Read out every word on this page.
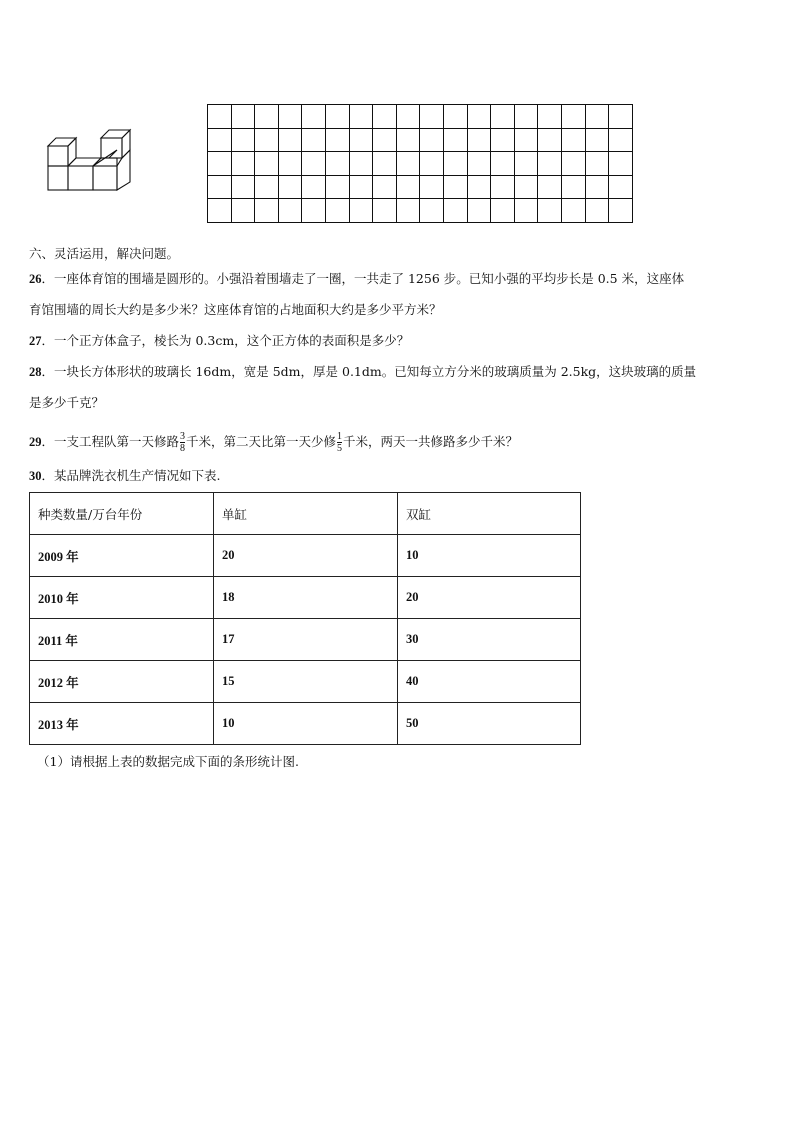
六、灵活运用，解决问题。
26．一座体育馆的围墙是圆形的。小强沿着围墙走了一圈，一共走了 1256 步。已知小强的平均步长是 0.5 米，这座体
育馆围墙的周长大约是多少米？这座体育馆的占地面积大约是多少平方米？
27．一个正方体盒子，棱长为 0.3cm，这个正方体的表面积是多少？
28．一块长方体形状的玻璃长 16dm，宽是 5dm，厚是 0.1dm。已知每立方分米的玻璃质量为 2.5kg，这块玻璃的质量
是多少千克？
29．一支工程队第一天修路 $\frac{3}{8}$ 千米，第二天比第一天少修 $\frac{1}{5}$ 千米，两天一共修路多少千米？
30．某品牌洗衣机生产情况如下表.
种类数量/万台年份	单缸	双缸
2009 年	20	10
2010 年	18	20
2011 年	17	30
2012 年	15	40
2013 年	10	50
（1）请根据上表的数据完成下面的条形统计图.
